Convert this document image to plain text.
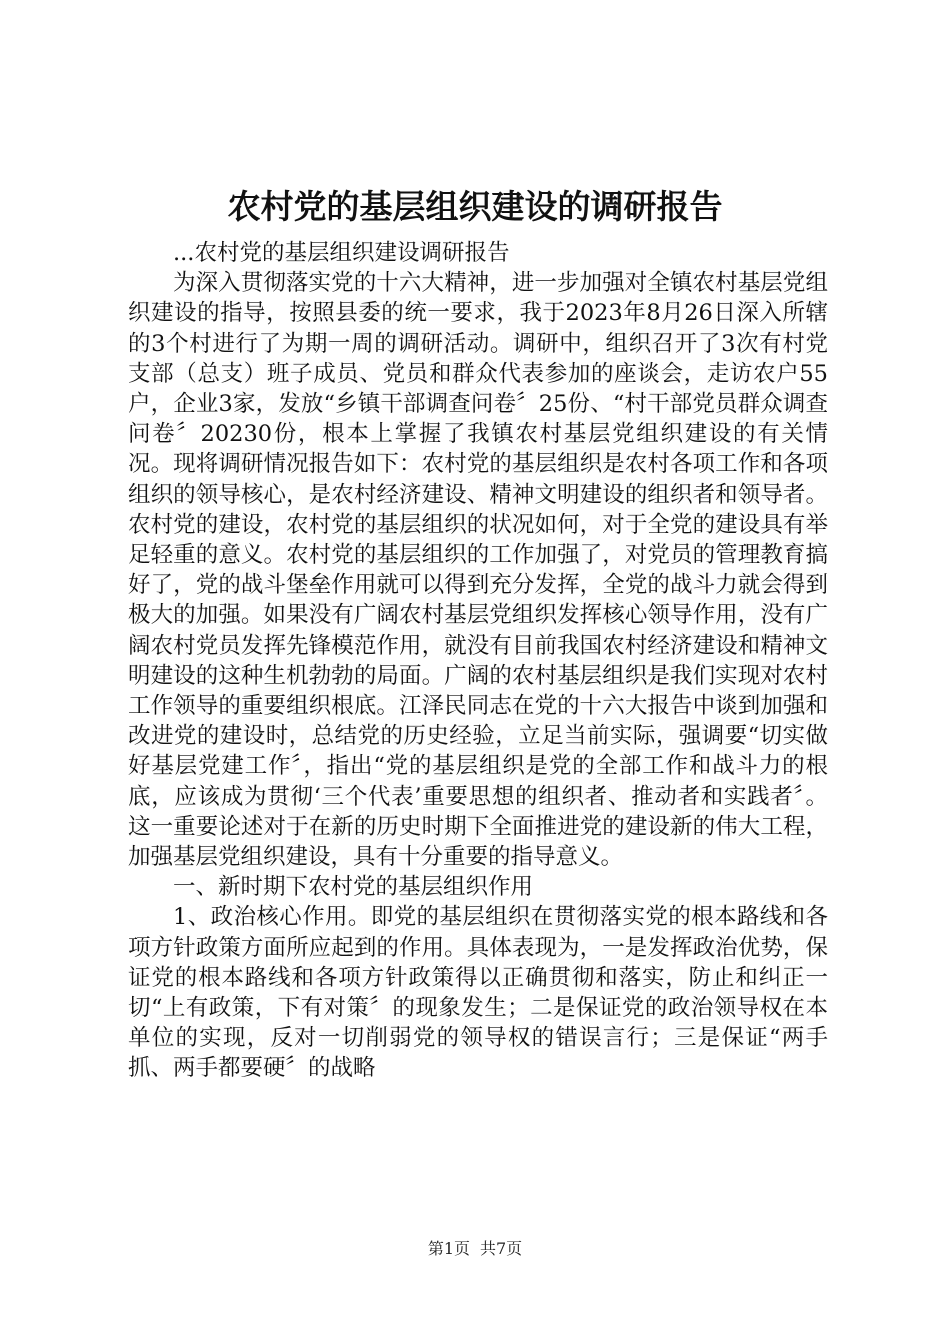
农村党的基层组织建设的调研报告

...农村党的基层组织建设调研报告

为深入贯彻落实党的十六大精神，进一步加强对全镇农村基层党组织建设的指导，按照县委的统一要求，我于2023年8月26日深入所辖的3个村进行了为期一周的调研活动。调研中，组织召开了3次有村党支部（总支）班子成员、党员和群众代表参加的座谈会，走访农户55户，企业3家，发放“乡镇干部调查问卷〞25份、“村干部党员群众调查问卷〞20230份，根本上掌握了我镇农村基层党组织建设的有关情况。现将调研情况报告如下：农村党的基层组织是农村各项工作和各项组织的领导核心，是农村经济建设、精神文明建设的组织者和领导者。农村党的建设，农村党的基层组织的状况如何，对于全党的建设具有举足轻重的意义。农村党的基层组织的工作加强了，对党员的管理教育搞好了，党的战斗堡垒作用就可以得到充分发挥，全党的战斗力就会得到极大的加强。如果没有广阔农村基层党组织发挥核心领导作用，没有广阔农村党员发挥先锋模范作用，就没有目前我国农村经济建设和精神文明建设的这种生机勃勃的局面。广阔的农村基层组织是我们实现对农村工作领导的重要组织根底。江泽民同志在党的十六大报告中谈到加强和改进党的建设时，总结党的历史经验，立足当前实际，强调要“切实做好基层党建工作〞，指出“党的基层组织是党的全部工作和战斗力的根底，应该成为贯彻‘三个代表’重要思想的组织者、推动者和实践者〞。这一重要论述对于在新的历史时期下全面推进党的建设新的伟大工程，加强基层党组织建设，具有十分重要的指导意义。

一、新时期下农村党的基层组织作用

1、政治核心作用。即党的基层组织在贯彻落实党的根本路线和各项方针政策方面所应起到的作用。具体表现为，一是发挥政治优势，保证党的根本路线和各项方针政策得以正确贯彻和落实，防止和纠正一切“上有政策，下有对策〞的现象发生；二是保证党的政治领导权在本单位的实现，反对一切削弱党的领导权的错误言行；三是保证“两手抓、两手都要硬〞的战略

第1页 共7页
